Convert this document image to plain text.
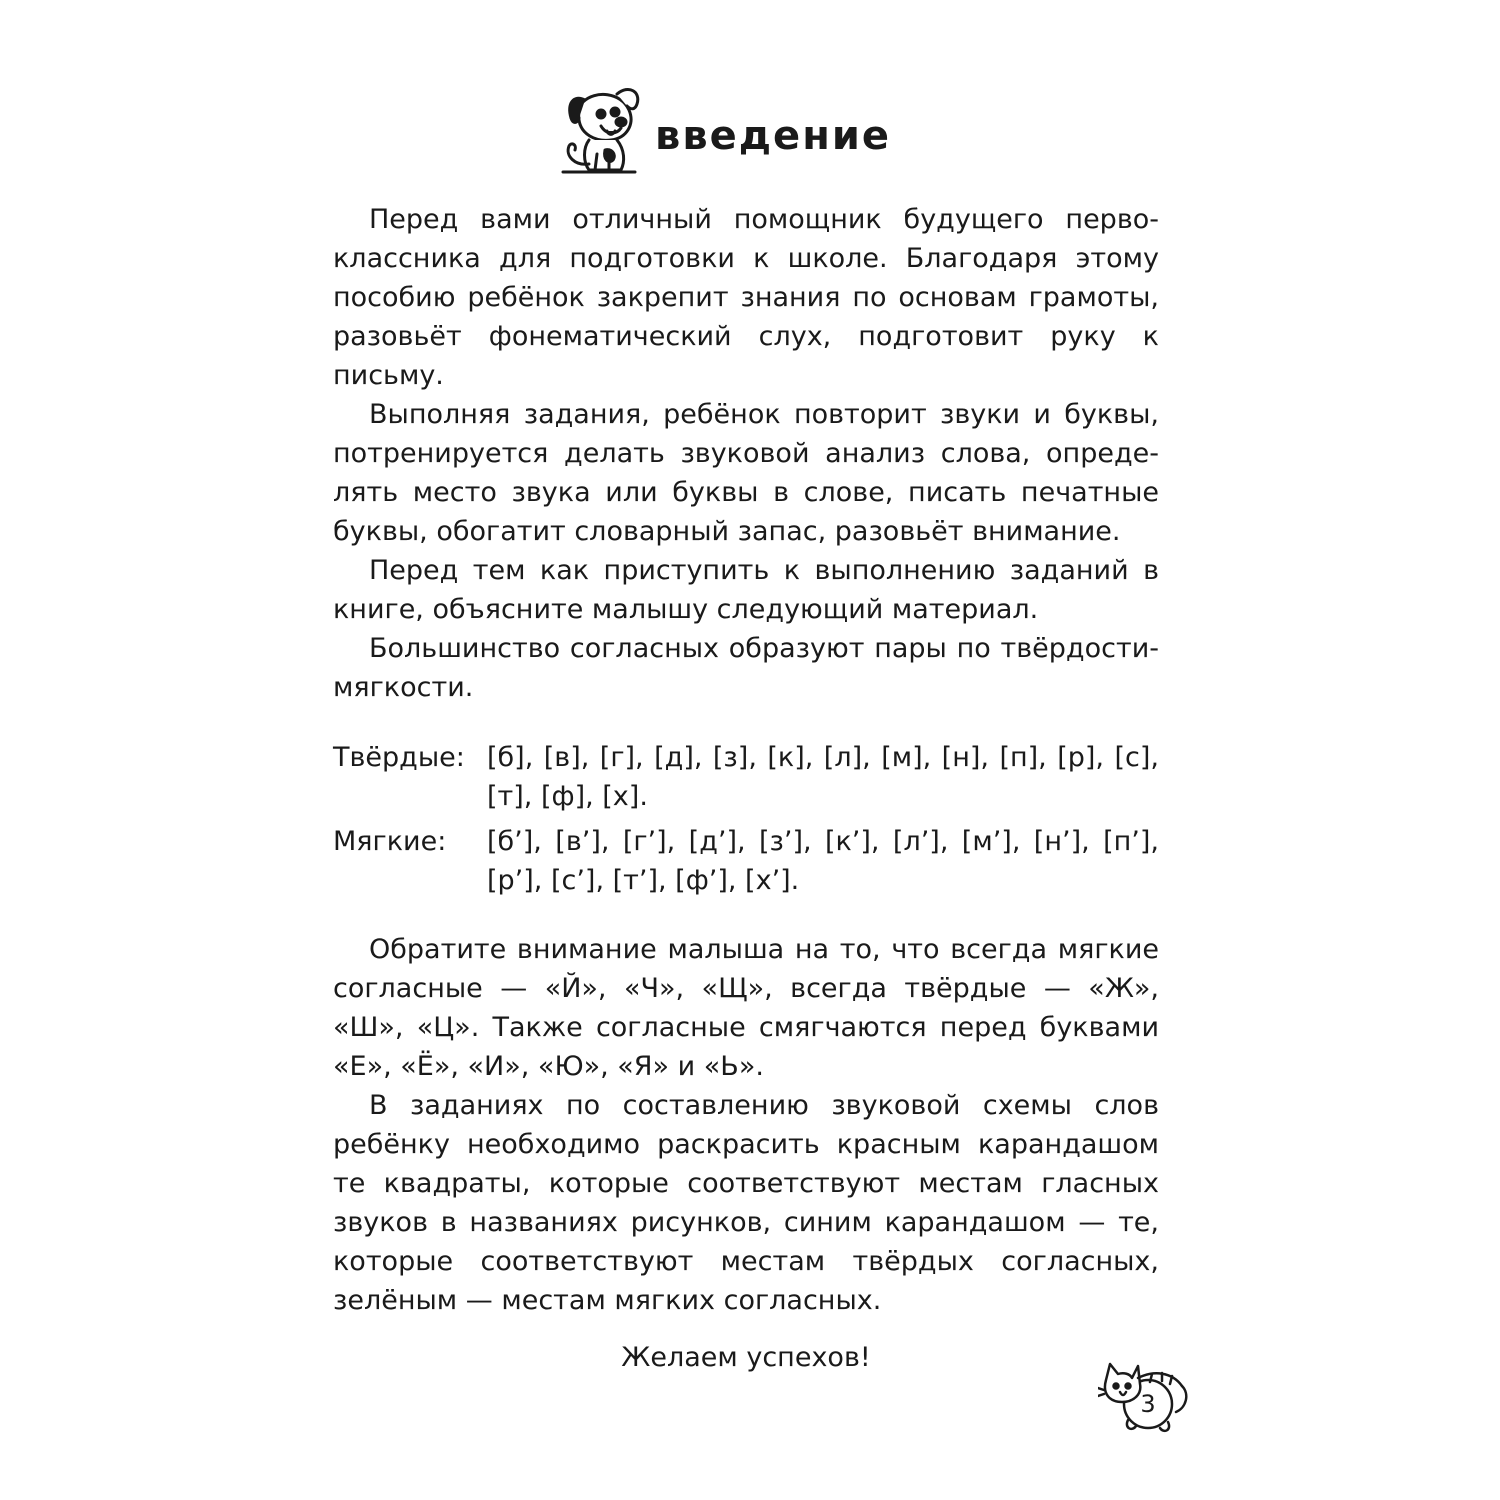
введение

Перед вами отличный помощник будущего первоклассника для подготовки к школе. Благодаря этому пособию ребёнок закрепит знания по основам грамоты, разовьёт фонематический слух, подготовит руку к письму.

Выполняя задания, ребёнок повторит звуки и буквы, потренируется делать звуковой анализ слова, определять место звука или буквы в слове, писать печатные буквы, обогатит словарный запас, разовьёт внимание.

Перед тем как приступить к выполнению заданий в книге, объясните малышу следующий материал.

Большинство согласных образуют пары по твёрдости-мягкости.

Твёрдые: [б], [в], [г], [д], [з], [к], [л], [м], [н], [п], [р], [с], [т], [ф], [х].
Мягкие:	[б’], [в’], [г’], [д’], [з’], [к’], [л’], [м’], [н’], [п’], [р’], [с’], [т’], [ф’], [х’].

Обратите внимание малыша на то, что всегда мягкие согласные — «Й», «Ч», «Щ», всегда твёрдые — «Ж», «Ш», «Ц». Также согласные смягчаются перед буквами «Е», «Ё», «И», «Ю», «Я» и «Ь».

В заданиях по составлению звуковой схемы слов ребёнку необходимо раскрасить красным карандашом те квадраты, которые соответствуют местам гласных звуков в названиях рисунков, синим карандашом — те, которые соответствуют местам твёрдых согласных, зелёным — местам мягких согласных.

Желаем успехов!
3
